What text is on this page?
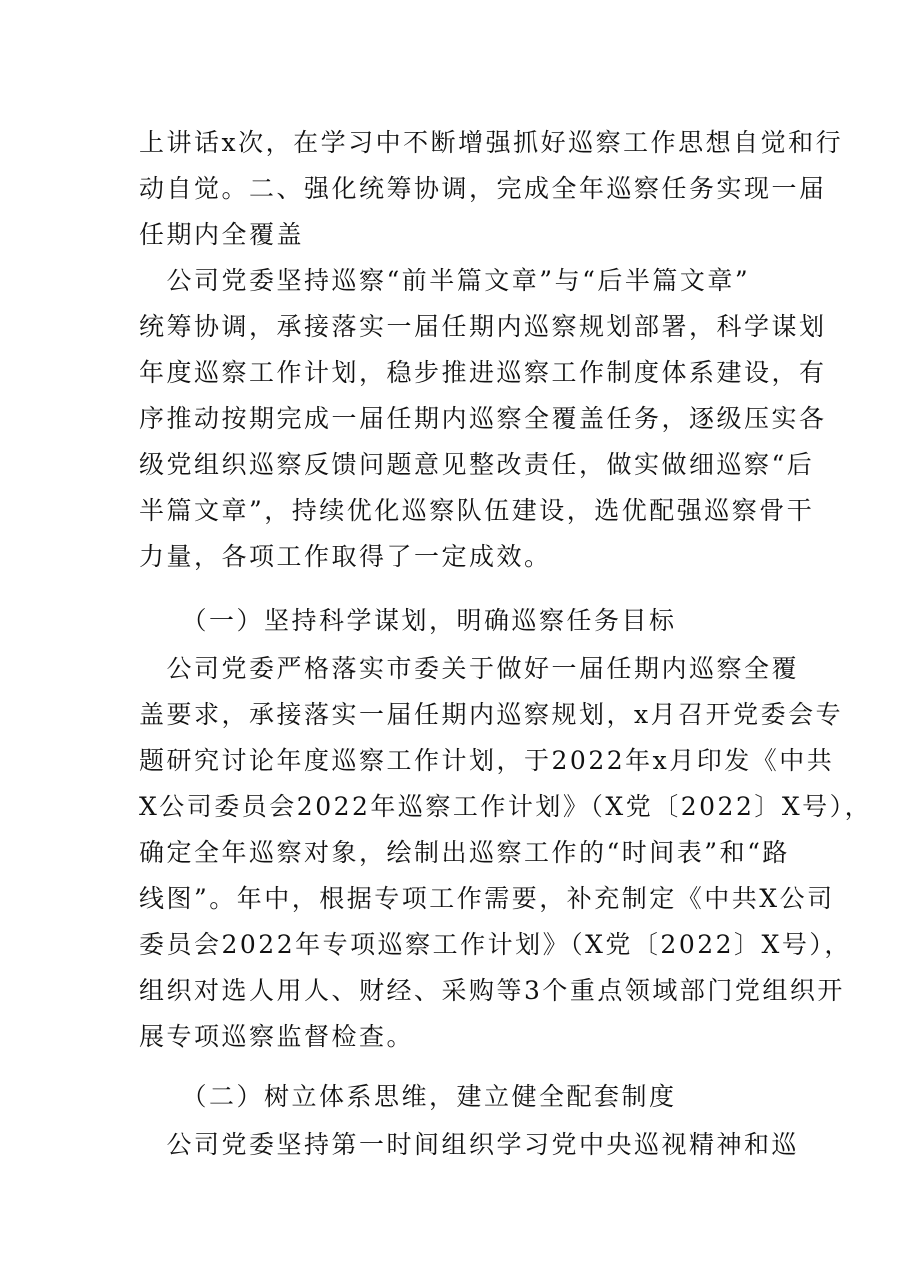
上讲话x次，在学习中不断增强抓好巡察工作思想自觉和行
动自觉。二、强化统筹协调，完成全年巡察任务实现一届
任期内全覆盖
　公司党委坚持巡察“前半篇文章”与“后半篇文章”
统筹协调，承接落实一届任期内巡察规划部署，科学谋划
年度巡察工作计划，稳步推进巡察工作制度体系建设，有
序推动按期完成一届任期内巡察全覆盖任务，逐级压实各
级党组织巡察反馈问题意见整改责任，做实做细巡察“后
半篇文章”，持续优化巡察队伍建设，选优配强巡察骨干
力量，各项工作取得了一定成效。
　　（一）坚持科学谋划，明确巡察任务目标
　公司党委严格落实市委关于做好一届任期内巡察全覆
盖要求，承接落实一届任期内巡察规划，x月召开党委会专
题研究讨论年度巡察工作计划，于2022年x月印发《中共
X公司委员会2022年巡察工作计划》（X党〔2022〕X号），
确定全年巡察对象，绘制出巡察工作的“时间表”和“路
线图”。年中，根据专项工作需要，补充制定《中共X公司
委员会2022年专项巡察工作计划》（X党〔2022〕X号），
组织对选人用人、财经、采购等3个重点领域部门党组织开
展专项巡察监督检查。
　　（二）树立体系思维，建立健全配套制度
　公司党委坚持第一时间组织学习党中央巡视精神和巡
